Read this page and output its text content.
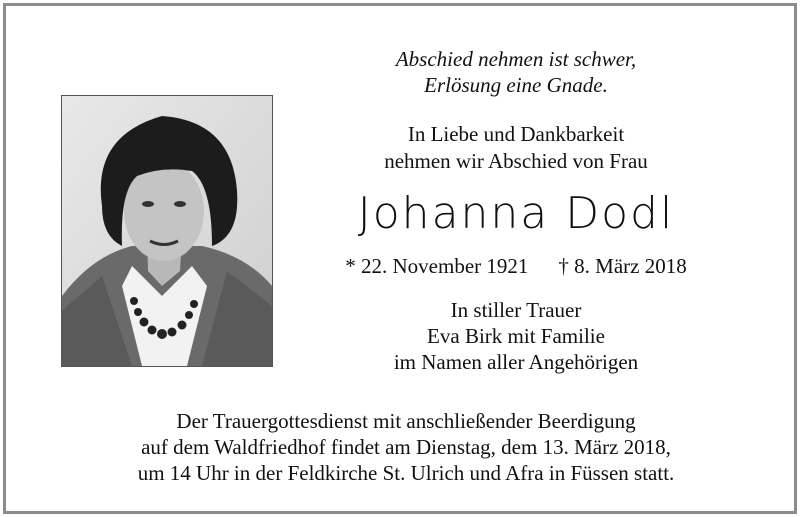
Abschied nehmen ist schwer,
Erlösung eine Gnade.
In Liebe und Dankbarkeit
nehmen wir Abschied von Frau
Johanna Dodl
* 22. November 1921 † 8. März 2018
In stiller Trauer
Eva Birk mit Familie
im Namen aller Angehörigen
Der Trauergottesdienst mit anschließender Beerdigung
auf dem Waldfriedhof findet am Dienstag, dem 13. März 2018,
um 14 Uhr in der Feldkirche St. Ulrich und Afra in Füssen statt.
